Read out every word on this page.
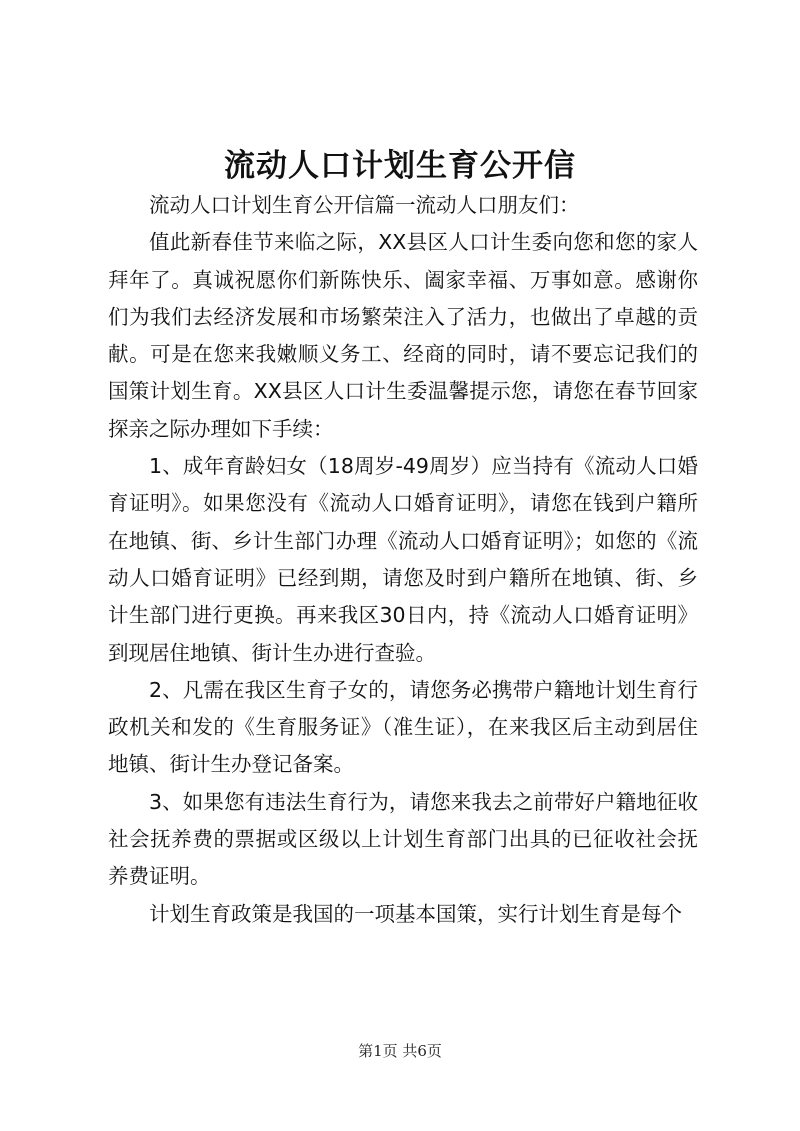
流动人口计划生育公开信

流动人口计划生育公开信篇一流动人口朋友们：

值此新春佳节来临之际，XX县区人口计生委向您和您的家人拜年了。真诚祝愿你们新陈快乐、阖家幸福、万事如意。感谢你们为我们去经济发展和市场繁荣注入了活力，也做出了卓越的贡献。可是在您来我嫩顺义务工、经商的同时，请不要忘记我们的国策计划生育。XX县区人口计生委温馨提示您，请您在春节回家探亲之际办理如下手续：

1、成年育龄妇女（18周岁-49周岁）应当持有《流动人口婚育证明》。如果您没有《流动人口婚育证明》，请您在钱到户籍所在地镇、街、乡计生部门办理《流动人口婚育证明》；如您的《流动人口婚育证明》已经到期，请您及时到户籍所在地镇、街、乡计生部门进行更换。再来我区30日内，持《流动人口婚育证明》到现居住地镇、街计生办进行查验。

2、凡需在我区生育子女的，请您务必携带户籍地计划生育行政机关和发的《生育服务证》（准生证），在来我区后主动到居住地镇、街计生办登记备案。

3、如果您有违法生育行为，请您来我去之前带好户籍地征收社会抚养费的票据或区级以上计划生育部门出具的已征收社会抚养费证明。

计划生育政策是我国的一项基本国策，实行计划生育是每个

第1页 共6页
